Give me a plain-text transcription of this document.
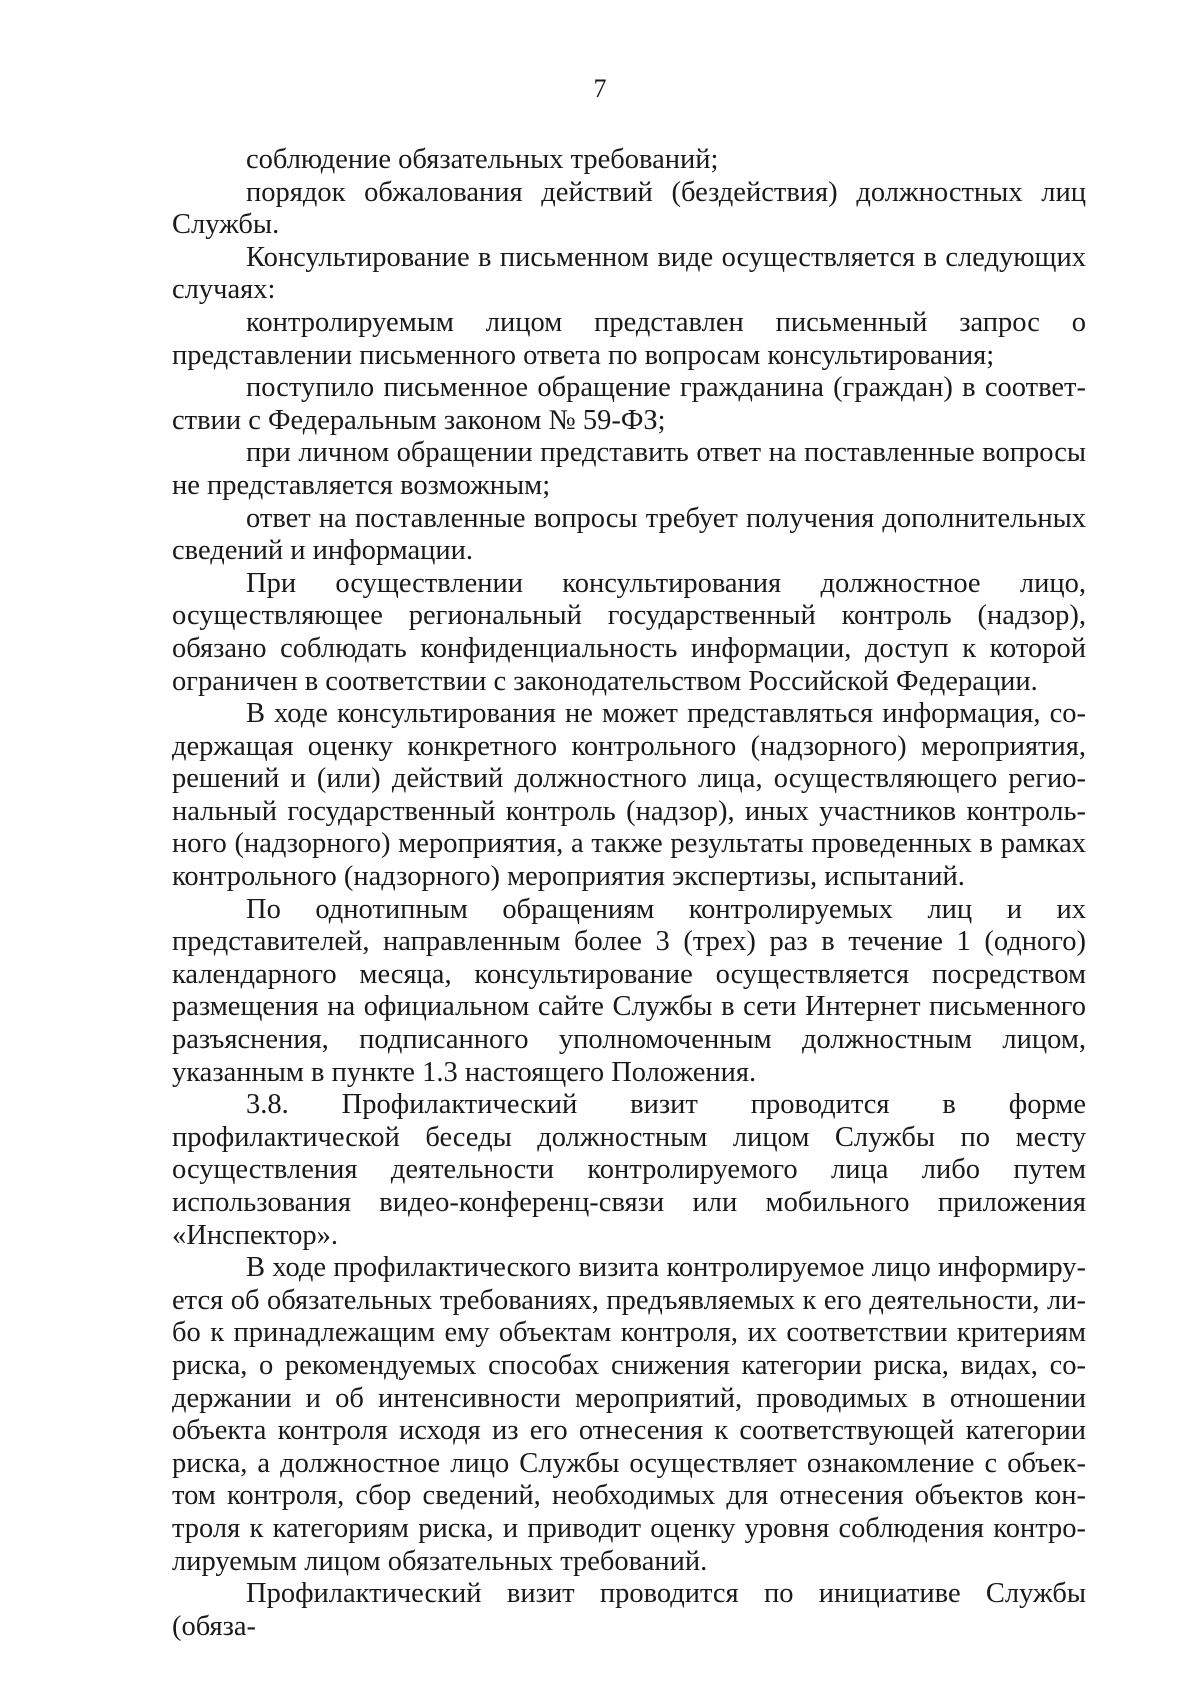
7

соблюдение обязательных требований;

порядок обжалования действий (бездействия) должностных лиц Службы.

Консультирование в письменном виде осуществляется в следующих случаях:

контролируемым лицом представлен письменный запрос о представлении письменного ответа по вопросам консультирования;

поступило письменное обращение гражданина (граждан) в соответствии с Федеральным законом № 59-ФЗ;

при личном обращении представить ответ на поставленные вопросы не представляется возможным;

ответ на поставленные вопросы требует получения дополнительных сведений и информации.

При осуществлении консультирования должностное лицо, осуществляющее региональный государственный контроль (надзор), обязано соблюдать конфиденциальность информации, доступ к которой ограничен в соответствии с законодательством Российской Федерации.

В ходе консультирования не может представляться информация, содержащая оценку конкретного контрольного (надзорного) мероприятия, решений и (или) действий должностного лица, осуществляющего региональный государственный контроль (надзор), иных участников контрольного (надзорного) мероприятия, а также результаты проведенных в рамках контрольного (надзорного) мероприятия экспертизы, испытаний.

По однотипным обращениям контролируемых лиц и их представителей, направленным более 3 (трех) раз в течение 1 (одного) календарного месяца, консультирование осуществляется посредством размещения на официальном сайте Службы в сети Интернет письменного разъяснения, подписанного уполномоченным должностным лицом, указанным в пункте 1.3 настоящего Положения.

3.8. Профилактический визит проводится в форме профилактической беседы должностным лицом Службы по месту осуществления деятельности контролируемого лица либо путем использования видео-конференц-связи или мобильного приложения «Инспектор».

В ходе профилактического визита контролируемое лицо информируется об обязательных требованиях, предъявляемых к его деятельности, либо к принадлежащим ему объектам контроля, их соответствии критериям риска, о рекомендуемых способах снижения категории риска, видах, содержании и об интенсивности мероприятий, проводимых в отношении объекта контроля исходя из его отнесения к соответствующей категории риска, а должностное лицо Службы осуществляет ознакомление с объектом контроля, сбор сведений, необходимых для отнесения объектов контроля к категориям риска, и приводит оценку уровня соблюдения контролируемым лицом обязательных требований.

Профилактический визит проводится по инициативе Службы (обяза-
